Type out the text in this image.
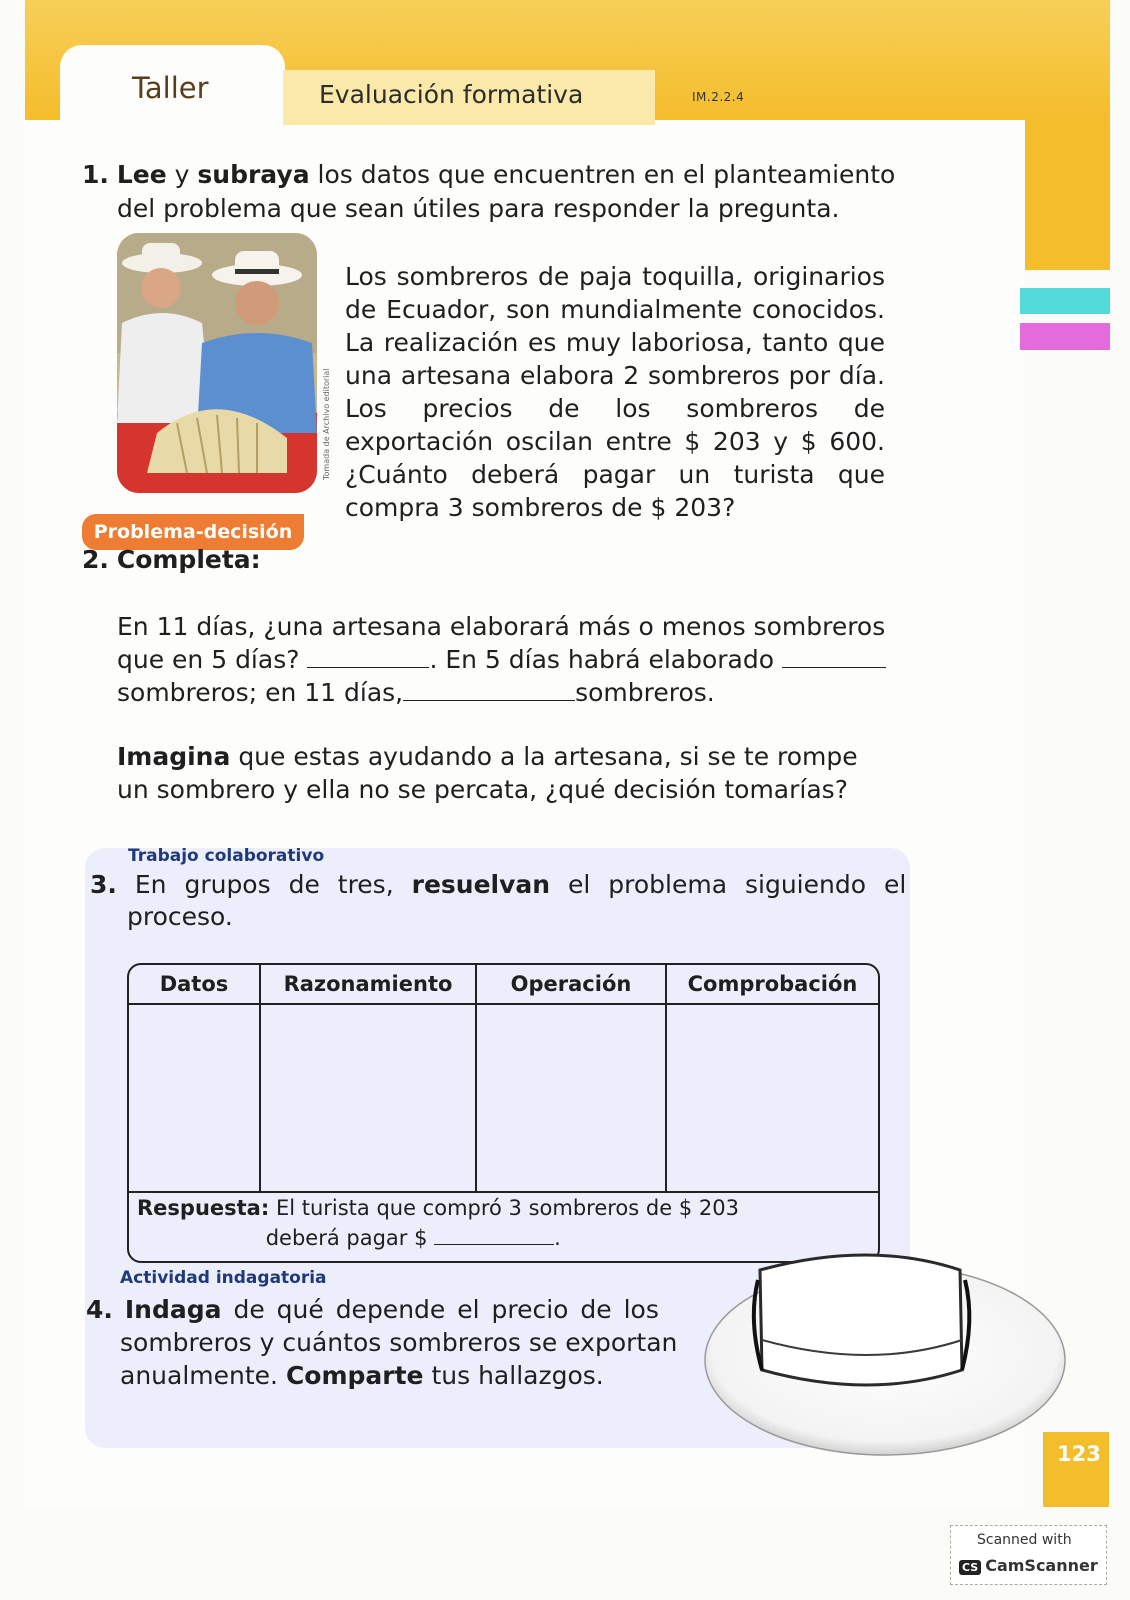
Taller	Evaluación formativa	IM.2.2.4

1. Lee y subraya los datos que encuentren en el planteamiento

del problema que sean útiles para responder la pregunta.

Tomada de Archivo editorial

Los sombreros de paja toquilla, originarios de Ecuador, son mundialmente conocidos. La realización es muy laboriosa, tanto que una artesana elabora 2 sombreros por día. Los precios de los sombreros de exportación oscilan entre $ 203 y $ 600. ¿Cuánto deberá pagar un turista que compra 3 sombreros de $ 203?

Problema-decisión

2. Completa:

En 11 días, ¿una artesana elaborará más o menos sombreros

que en 5 días?	. En 5 días habrá elaborado

sombreros; en 11 días,	sombreros.

Imagina que estas ayudando a la artesana, si se te rompe

un sombrero y ella no se percata, ¿qué decisión tomarías?

Trabajo colaborativo

3. En grupos de tres, resuelvan el problema siguiendo el

proceso.

Datos	Razonamiento	Operación	Comprobación

Respuesta: El turista que compró 3 sombreros de $ 203
deberá pagar $ .			

Actividad indagatoria

4. Indaga de qué depende el precio de los

sombreros y cuántos sombreros se exportan

anualmente. Comparte tus hallazgos.

123
Scanned with
CS CamScanner
